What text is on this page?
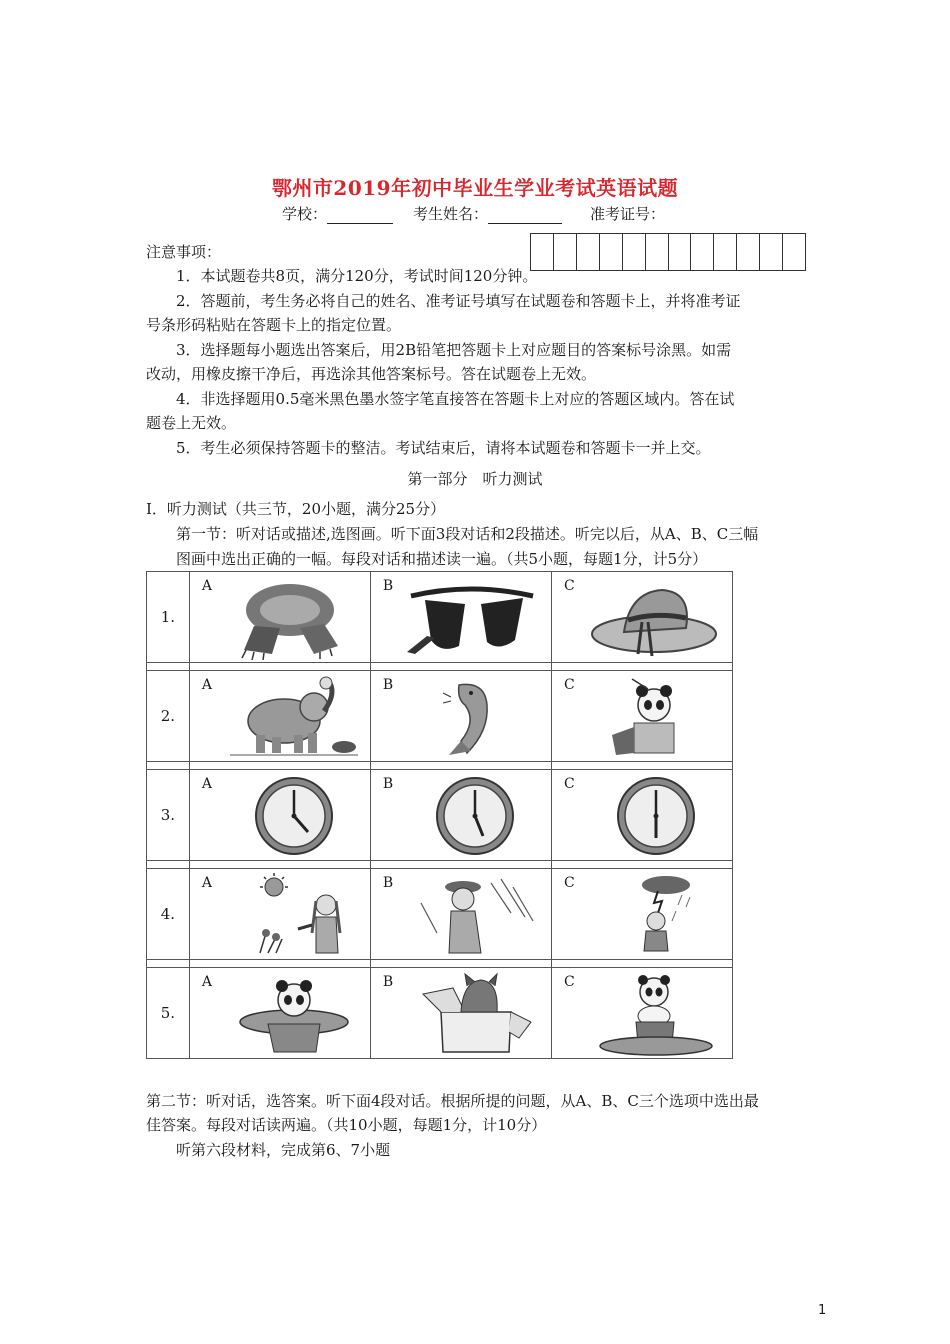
鄂州市2019年初中毕业生学业考试英语试题
学校：	考生姓名：	准考证号：
注意事项：
1．本试题卷共8页，满分120分，考试时间120分钟。
2．答题前，考生务必将自己的姓名、准考证号填写在试题卷和答题卡上，并将准考证
号条形码粘贴在答题卡上的指定位置。
3．选择题每小题选出答案后，用2B铅笔把答题卡上对应题目的答案标号涂黑。如需
改动，用橡皮擦干净后，再选涂其他答案标号。答在试题卷上无效。
4．非选择题用0.5毫米黑色墨水签字笔直接答在答题卡上对应的答题区域内。答在试
题卷上无效。
5．考生必须保持答题卡的整洁。考试结束后，请将本试题卷和答题卡一并上交。
第一部分　听力测试
Ⅰ．听力测试（共三节，20小题，满分25分）
第一节：听对话或描述,选图画。听下面3段对话和2段描述。听完以后，从A、B、C三幅
图画中选出正确的一幅。每段对话和描述读一遍。（共5小题，每题1分，计5分）
1.	A	B	C

2.	A	B	C

3.	A	B	C

4.	A	B	C

5.	A	B	C
第二节：听对话，选答案。听下面4段对话。根据所提的问题，从A、B、C三个选项中选出最
佳答案。每段对话读两遍。（共10小题，每题1分，计10分）
听第六段材料，完成第6、7小题
1
